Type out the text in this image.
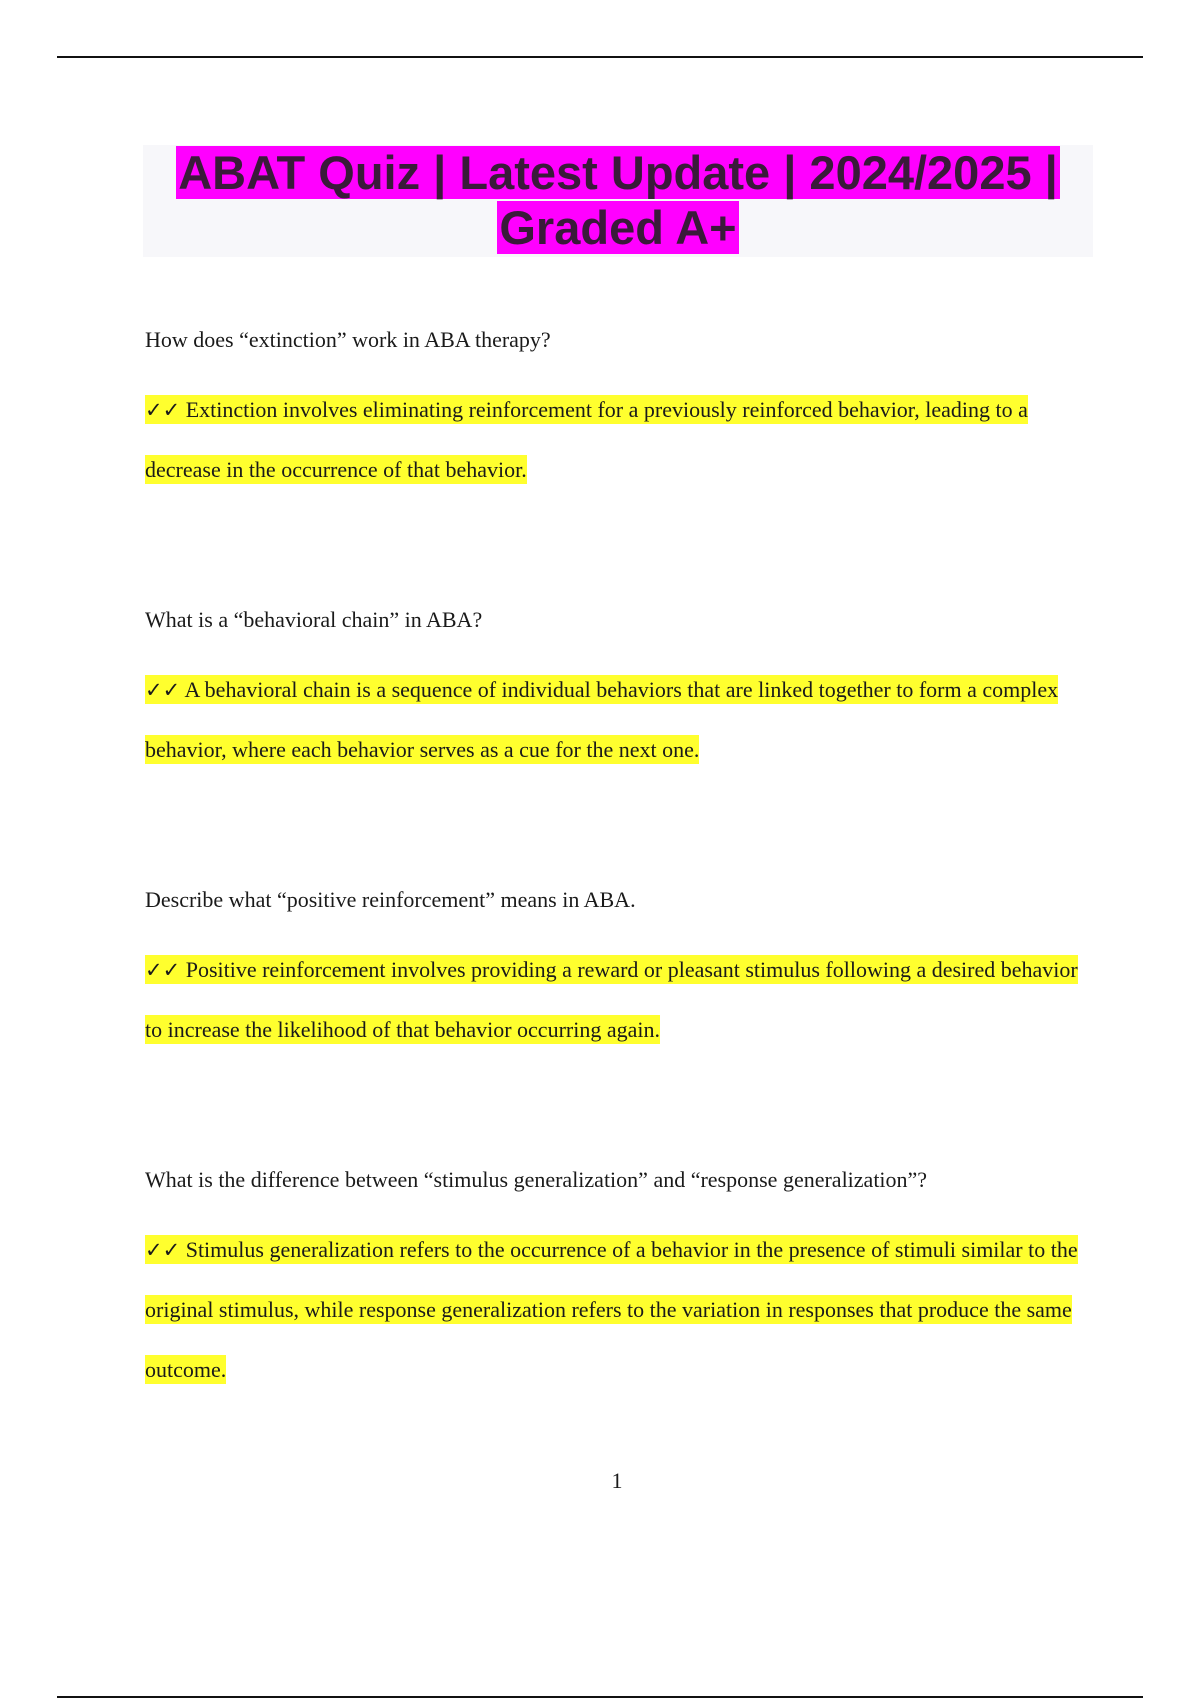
ABAT Quiz | Latest Update | 2024/2025 | Graded A+

How does “extinction” work in ABA therapy?

✓✓ Extinction involves eliminating reinforcement for a previously reinforced behavior, leading to a decrease in the occurrence of that behavior.

What is a “behavioral chain” in ABA?

✓✓ A behavioral chain is a sequence of individual behaviors that are linked together to form a complex behavior, where each behavior serves as a cue for the next one.

Describe what “positive reinforcement” means in ABA.

✓✓ Positive reinforcement involves providing a reward or pleasant stimulus following a desired behavior to increase the likelihood of that behavior occurring again.

What is the difference between “stimulus generalization” and “response generalization”?

✓✓ Stimulus generalization refers to the occurrence of a behavior in the presence of stimuli similar to the original stimulus, while response generalization refers to the variation in responses that produce the same outcome.

1
